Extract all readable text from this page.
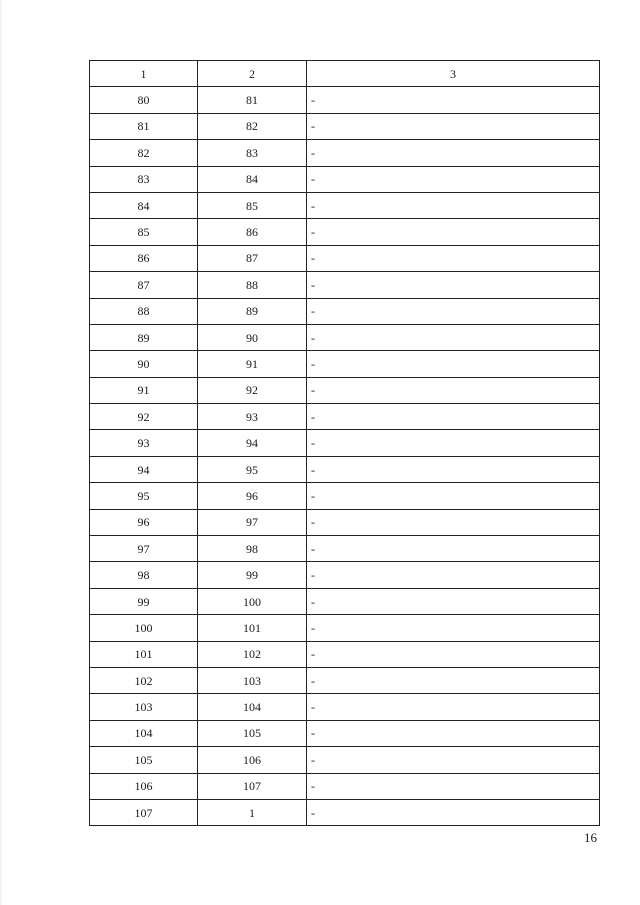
1	2	3
80	81	-
81	82	-
82	83	-
83	84	-
84	85	-
85	86	-
86	87	-
87	88	-
88	89	-
89	90	-
90	91	-
91	92	-
92	93	-
93	94	-
94	95	-
95	96	-
96	97	-
97	98	-
98	99	-
99	100	-
100	101	-
101	102	-
102	103	-
103	104	-
104	105	-
105	106	-
106	107	-
107	1	-
16
